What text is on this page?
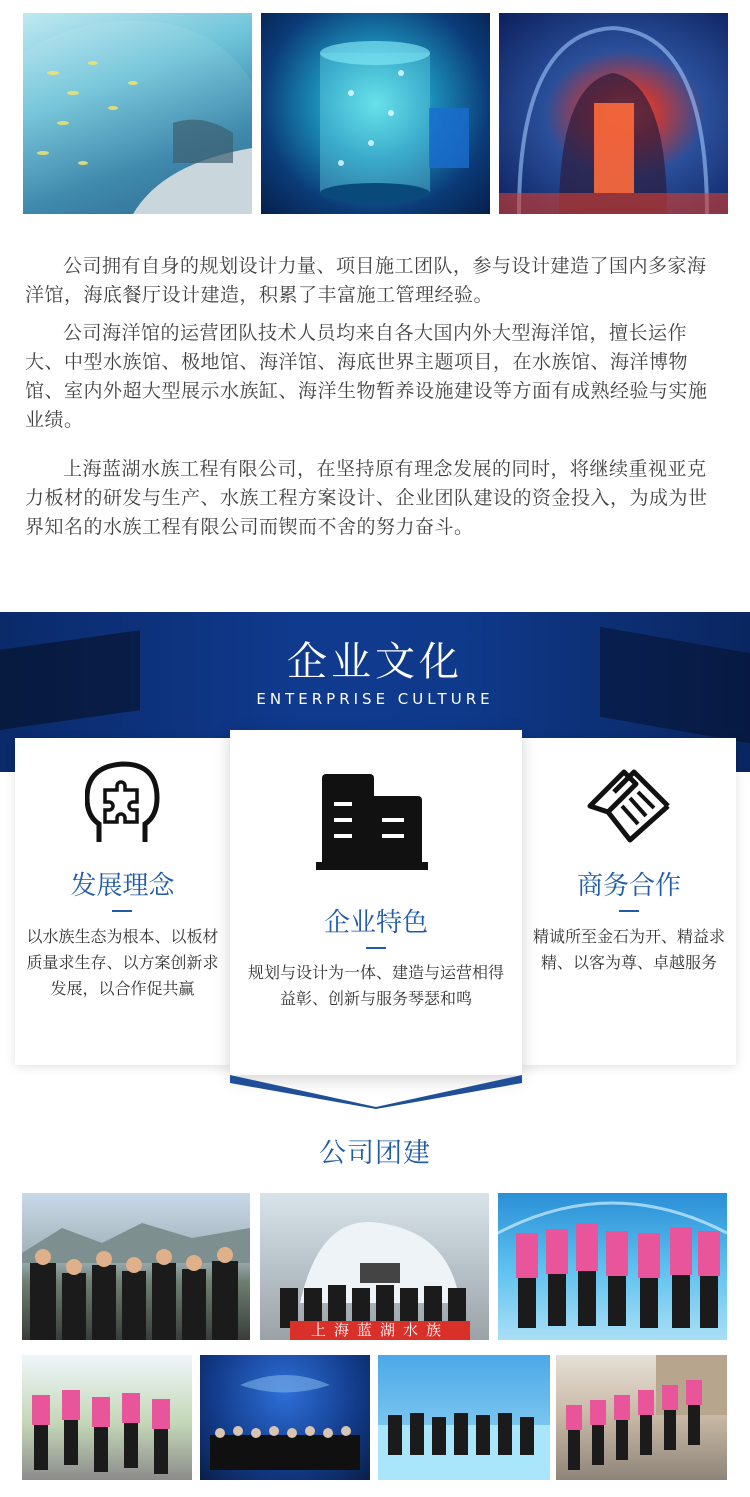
公司拥有自身的规划设计力量、项目施工团队，参与设计建造了国内多家海洋馆，海底餐厅设计建造，积累了丰富施工管理经验。

公司海洋馆的运营团队技术人员均来自各大国内外大型海洋馆，擅长运作大、中型水族馆、极地馆、海洋馆、海底世界主题项目，在水族馆、海洋博物馆、室内外超大型展示水族缸、海洋生物暂养设施建设等方面有成熟经验与实施业绩。

上海蓝湖水族工程有限公司，在坚持原有理念发展的同时，将继续重视亚克力板材的研发与生产、水族工程方案设计、企业团队建设的资金投入，为成为世界知名的水族工程有限公司而锲而不舍的努力奋斗。

企业文化
ENTERPRISE CULTURE
发展理念
以水族生态为根本、以板材质量求生存、以方案创新求发展，以合作促共赢
商务合作
精诚所至金石为开、精益求精、以客为尊、卓越服务
企业特色
规划与设计为一体、建造与运营相得益彰、创新与服务琴瑟和鸣
公司团建
上海蓝湖水族
